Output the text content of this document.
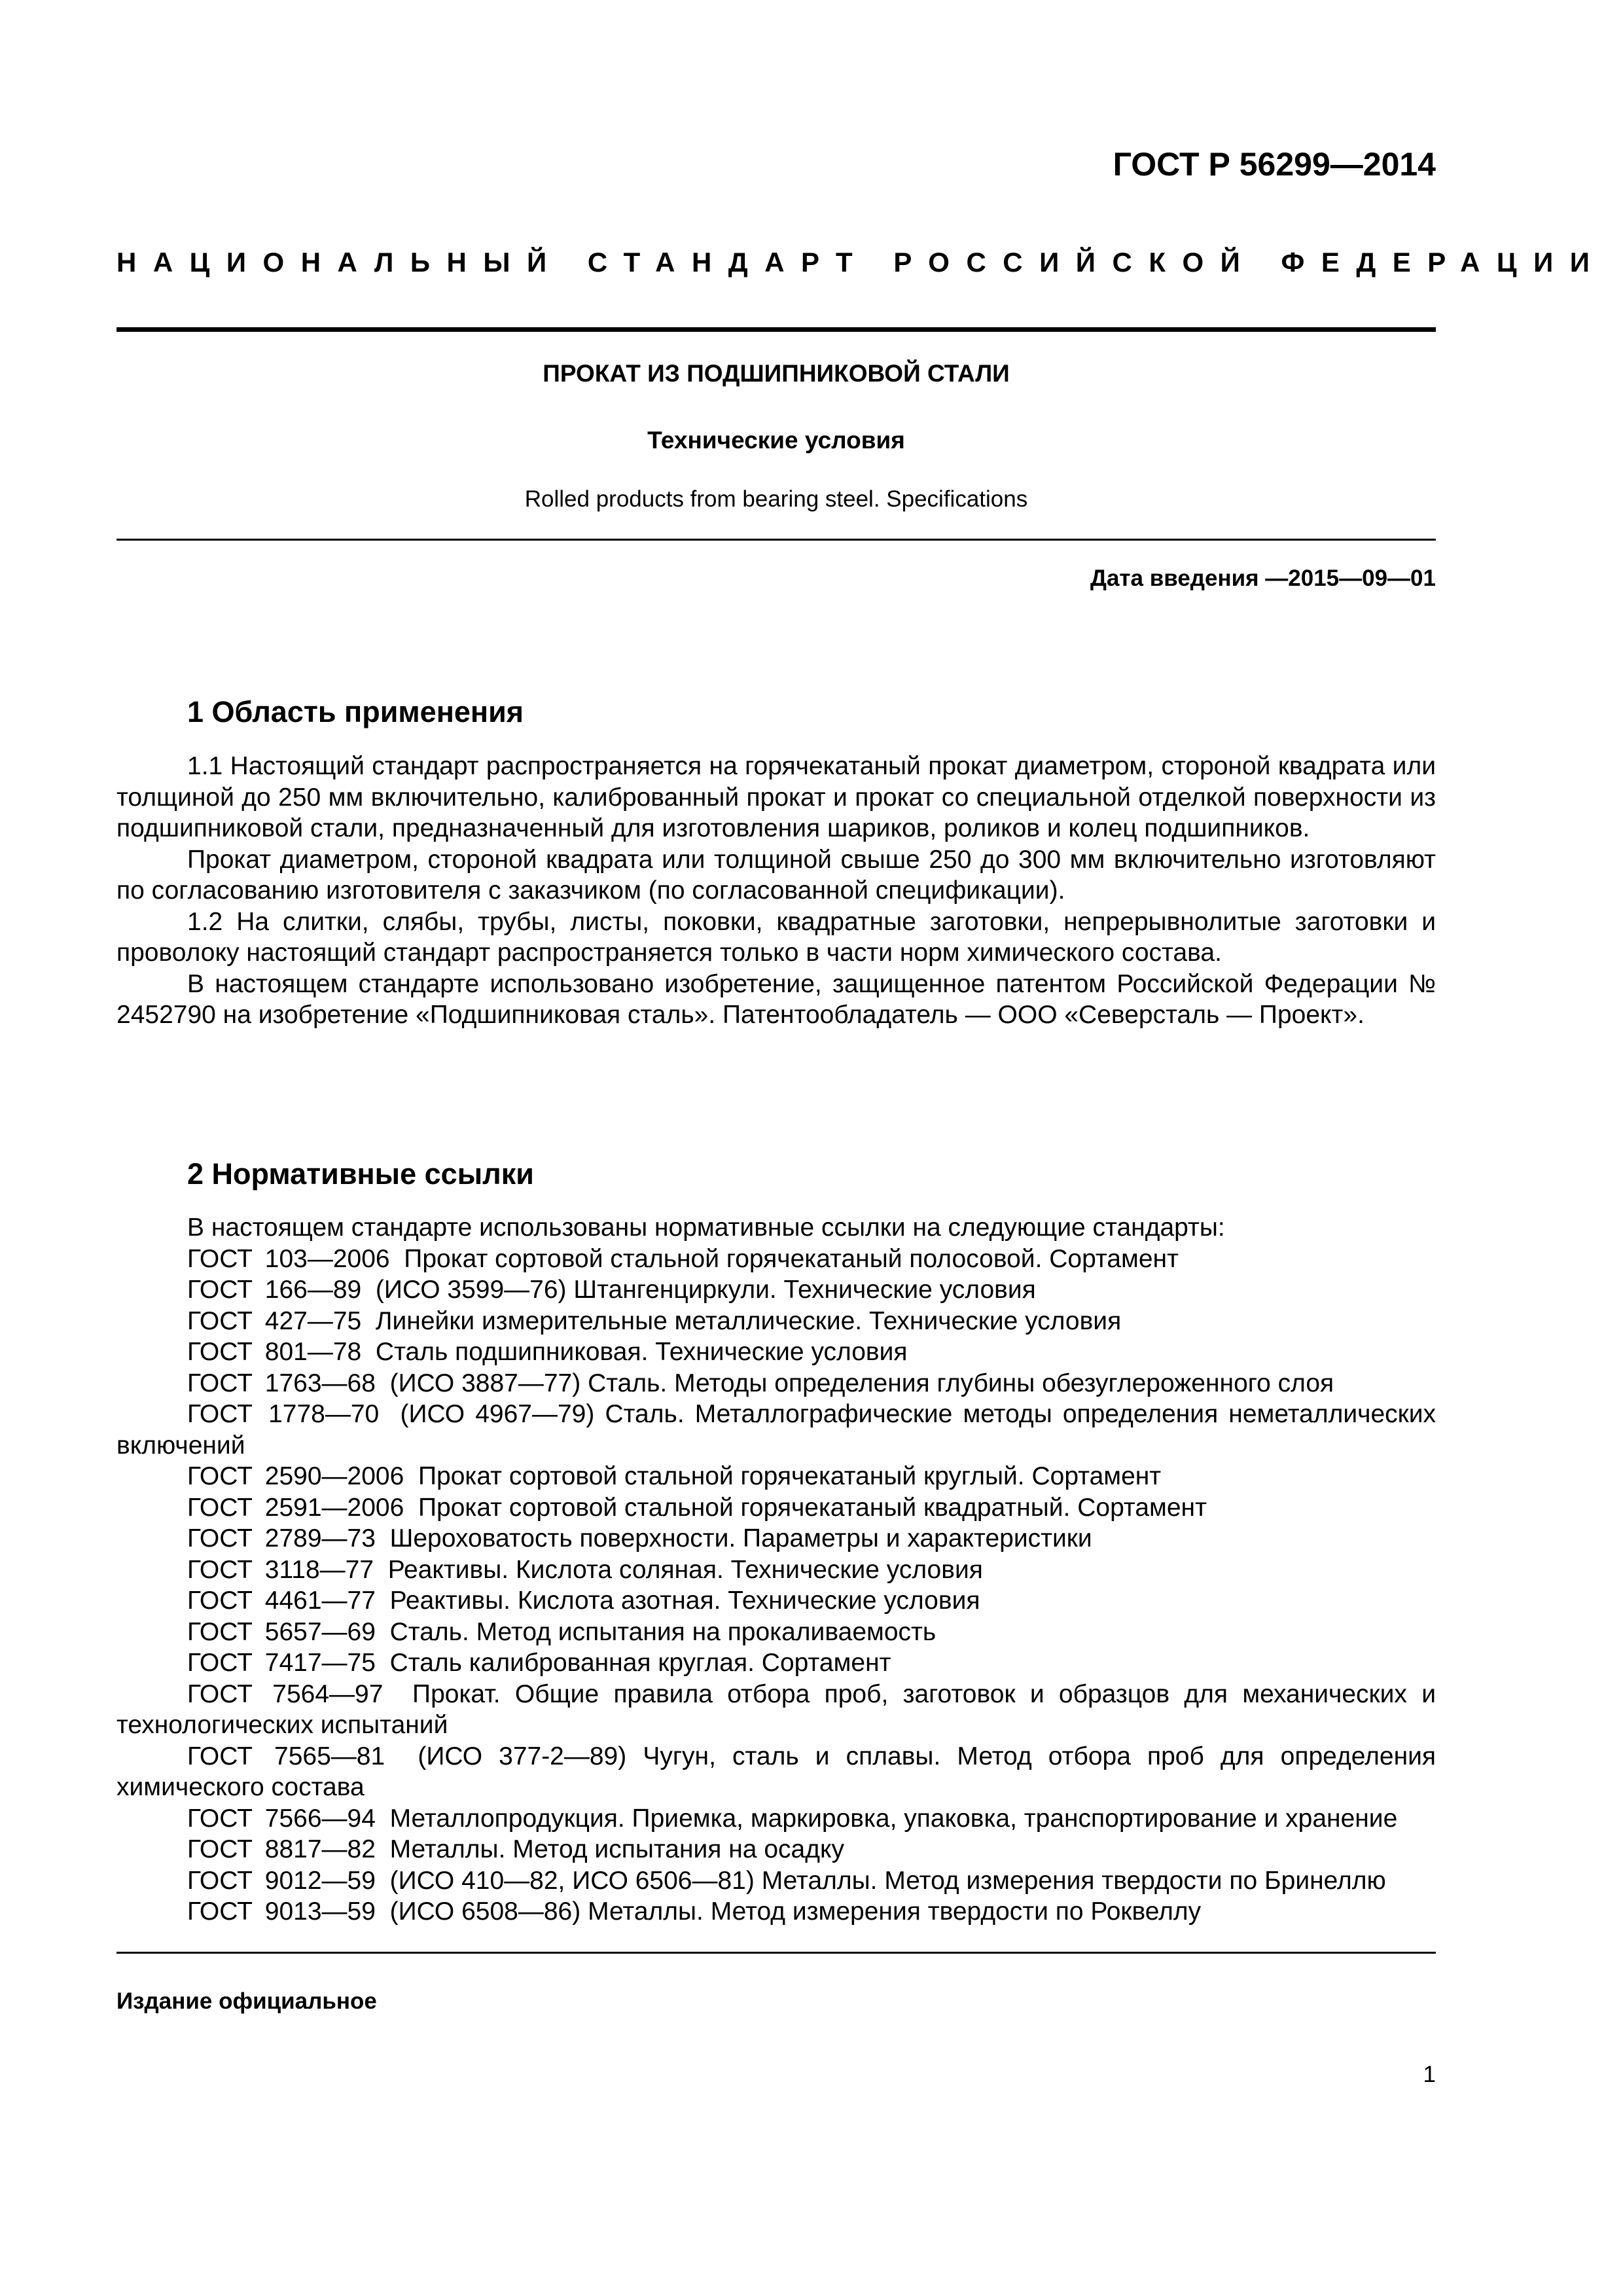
ГОСТ Р 56299—2014
НАЦИОНАЛЬНЫЙ СТАНДАРТ РОССИЙСКОЙ ФЕДЕРАЦИИ
ПРОКАТ ИЗ ПОДШИПНИКОВОЙ СТАЛИ
Технические условия
Rolled products from bearing steel. Specifications
Дата введения —2015—09—01
1 Область применения

1.1 Настоящий стандарт распространяется на горячекатаный прокат диаметром, стороной квадрата или толщиной до 250 мм включительно, калиброванный прокат и прокат со специальной отделкой поверхности из подшипниковой стали, предназначенный для изготовления шариков, роликов и колец подшипников.

Прокат диаметром, стороной квадрата или толщиной свыше 250 до 300 мм включительно изготовляют по согласованию изготовителя с заказчиком (по согласованной спецификации).

1.2 На слитки, слябы, трубы, листы, поковки, квадратные заготовки, непрерывнолитые заготовки и проволоку настоящий стандарт распространяется только в части норм химического состава.

В настоящем стандарте использовано изобретение, защищенное патентом Российской Федерации № 2452790 на изобретение «Подшипниковая сталь». Патентообладатель — ООО «Северсталь — Проект».

2 Нормативные ссылки

В настоящем стандарте использованы нормативные ссылки на следующие стандарты:

ГОСТ 103—2006 Прокат сортовой стальной горячекатаный полосовой. Сортамент

ГОСТ 166—89 (ИСО 3599—76) Штангенциркули. Технические условия

ГОСТ 427—75 Линейки измерительные металлические. Технические условия

ГОСТ 801—78 Сталь подшипниковая. Технические условия

ГОСТ 1763—68 (ИСО 3887—77) Сталь. Методы определения глубины обезуглероженного слоя

ГОСТ 1778—70 (ИСО 4967—79) Сталь. Металлографические методы определения неметаллических включений

ГОСТ 2590—2006 Прокат сортовой стальной горячекатаный круглый. Сортамент

ГОСТ 2591—2006 Прокат сортовой стальной горячекатаный квадратный. Сортамент

ГОСТ 2789—73 Шероховатость поверхности. Параметры и характеристики

ГОСТ 3118—77 Реактивы. Кислота соляная. Технические условия

ГОСТ 4461—77 Реактивы. Кислота азотная. Технические условия

ГОСТ 5657—69 Сталь. Метод испытания на прокаливаемость

ГОСТ 7417—75 Сталь калиброванная круглая. Сортамент

ГОСТ 7564—97 Прокат. Общие правила отбора проб, заготовок и образцов для механических и технологических испытаний

ГОСТ 7565—81 (ИСО 377-2—89) Чугун, сталь и сплавы. Метод отбора проб для определения химического состава

ГОСТ 7566—94 Металлопродукция. Приемка, маркировка, упаковка, транспортирование и хранение

ГОСТ 8817—82 Металлы. Метод испытания на осадку

ГОСТ 9012—59 (ИСО 410—82, ИСО 6506—81) Металлы. Метод измерения твердости по Бринеллю

ГОСТ 9013—59 (ИСО 6508—86) Металлы. Метод измерения твердости по Роквеллу

Издание официальное
1
